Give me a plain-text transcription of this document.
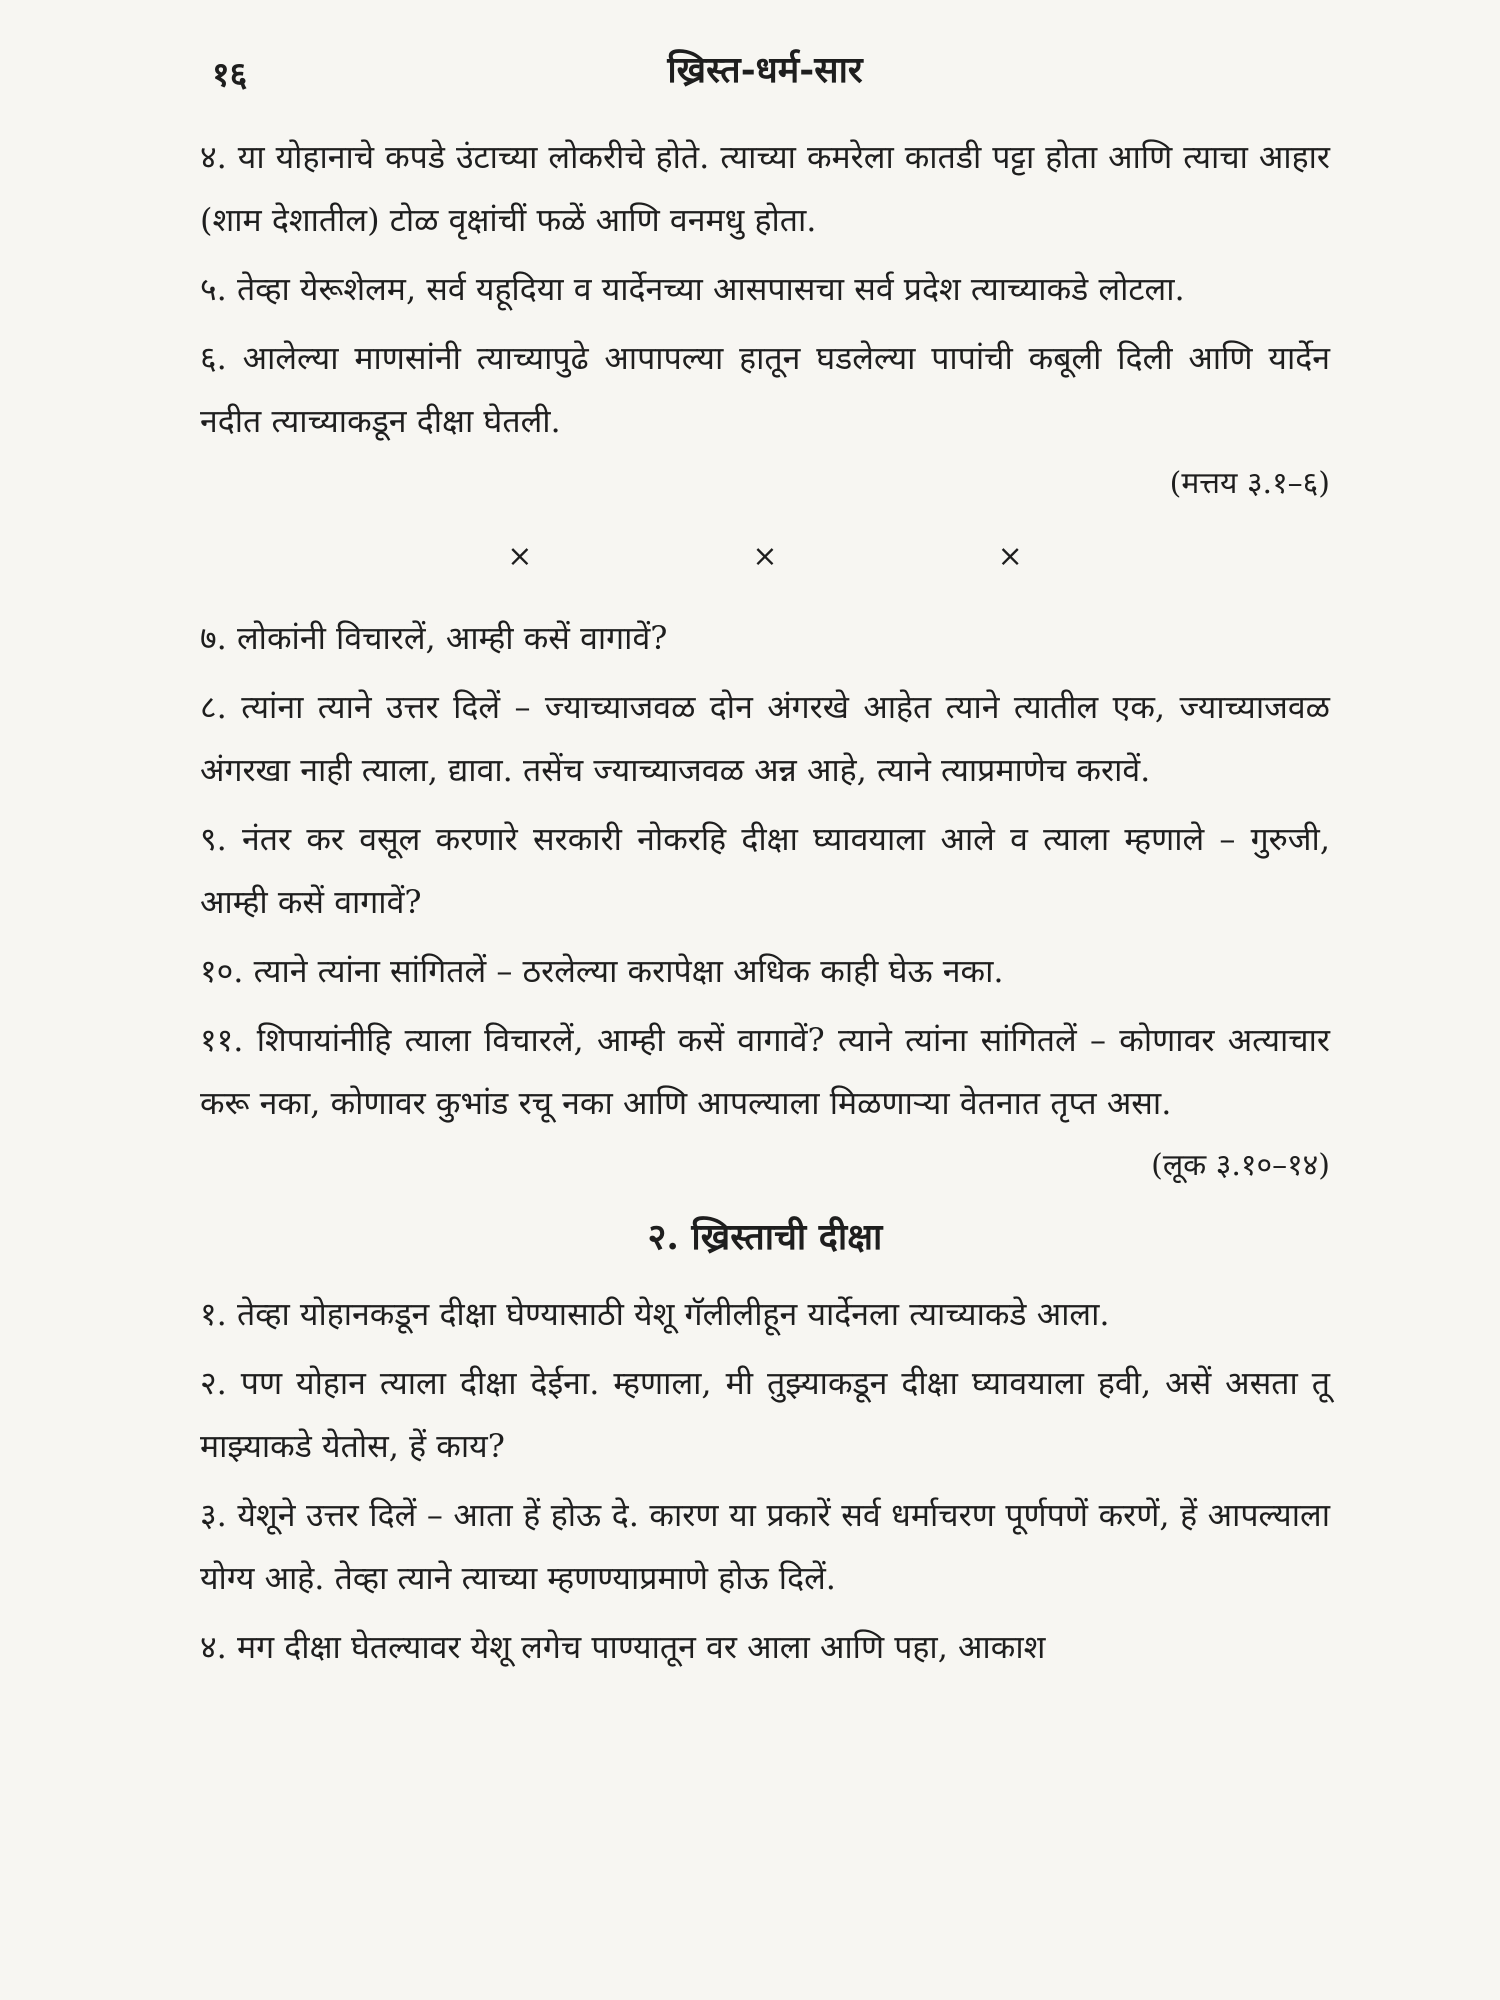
१६	ख्रिस्त-धर्म-सार

४. या योहानाचे कपडे उंटाच्या लोकरीचे होते. त्याच्या कमरेला कातडी पट्टा होता आणि त्याचा आहार (शाम देशातील) टोळ वृक्षांचीं फळें आणि वनमधु होता.

५. तेव्हा येरूशेलम, सर्व यहूदिया व यार्देनच्या आसपासचा सर्व प्रदेश त्याच्याकडे लोटला.

६. आलेल्या माणसांनी त्याच्यापुढे आपापल्या हातून घडलेल्या पापांची कबूली दिली आणि यार्देन नदीत त्याच्याकडून दीक्षा घेतली.

(मत्तय ३.१–६)

×	×	×

७. लोकांनी विचारलें, आम्ही कसें वागावें?

८. त्यांना त्याने उत्तर दिलें – ज्याच्याजवळ दोन अंगरखे आहेत त्याने त्यातील एक, ज्याच्याजवळ अंगरखा नाही त्याला, द्यावा. तसेंच ज्याच्याजवळ अन्न आहे, त्याने त्याप्रमाणेच करावें.

९. नंतर कर वसूल करणारे सरकारी नोकरहि दीक्षा घ्यावयाला आले व त्याला म्हणाले – गुरुजी, आम्ही कसें वागावें?

१०. त्याने त्यांना सांगितलें – ठरलेल्या करापेक्षा अधिक काही घेऊ नका.

११. शिपायांनीहि त्याला विचारलें, आम्ही कसें वागावें? त्याने त्यांना सांगितलें – कोणावर अत्याचार करू नका, कोणावर कुभांड रचू नका आणि आपल्याला मिळणाऱ्या वेतनात तृप्त असा.

(लूक ३.१०–१४)

२. ख्रिस्ताची दीक्षा

१. तेव्हा योहानकडून दीक्षा घेण्यासाठी येशू गॅलीलीहून यार्देनला त्याच्याकडे आला.

२. पण योहान त्याला दीक्षा देईना. म्हणाला, मी तुझ्याकडून दीक्षा घ्यावयाला हवी, असें असता तू माझ्याकडे येतोस, हें काय?

३. येशूने उत्तर दिलें – आता हें होऊ दे. कारण या प्रकारें सर्व धर्माचरण पूर्णपणें करणें, हें आपल्याला योग्य आहे. तेव्हा त्याने त्याच्या म्हणण्याप्रमाणे होऊ दिलें.

४. मग दीक्षा घेतल्यावर येशू लगेच पाण्यातून वर आला आणि पहा, आकाश
